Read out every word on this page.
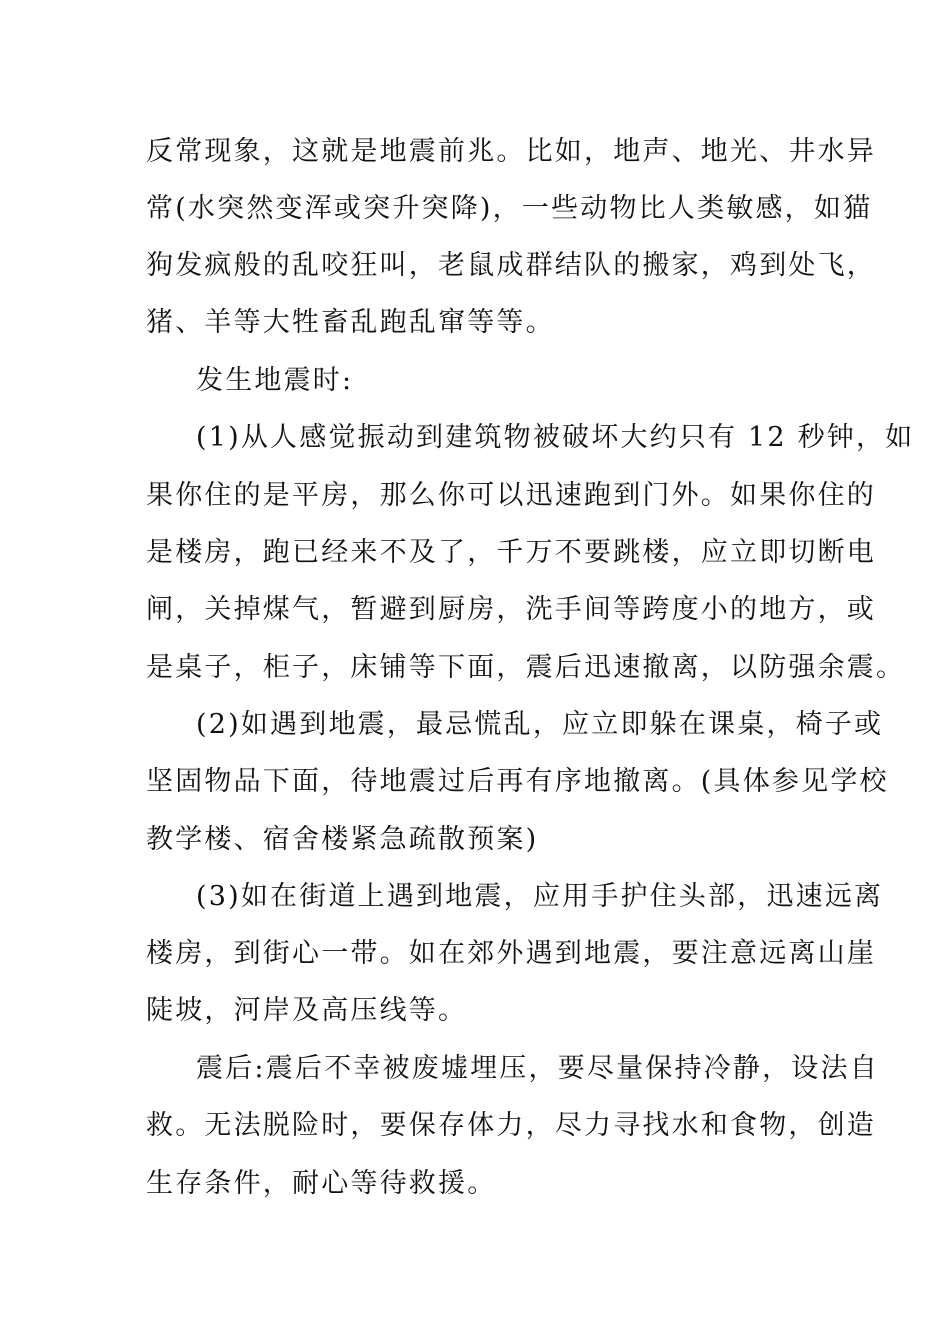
反常现象，这就是地震前兆。比如，地声、地光、井水异
常(水突然变浑或突升突降)，一些动物比人类敏感，如猫
狗发疯般的乱咬狂叫，老鼠成群结队的搬家，鸡到处飞，
猪、羊等大牲畜乱跑乱窜等等。
发生地震时:
(1)从人感觉振动到建筑物被破坏大约只有 12 秒钟，如
果你住的是平房，那么你可以迅速跑到门外。如果你住的
是楼房，跑已经来不及了，千万不要跳楼，应立即切断电
闸，关掉煤气，暂避到厨房，洗手间等跨度小的地方，或
是桌子，柜子，床铺等下面，震后迅速撤离，以防强余震。
(2)如遇到地震，最忌慌乱，应立即躲在课桌，椅子或
坚固物品下面，待地震过后再有序地撤离。(具体参见学校
教学楼、宿舍楼紧急疏散预案)
(3)如在街道上遇到地震，应用手护住头部，迅速远离
楼房，到街心一带。如在郊外遇到地震，要注意远离山崖
陡坡，河岸及高压线等。
震后:震后不幸被废墟埋压，要尽量保持冷静，设法自
救。无法脱险时，要保存体力，尽力寻找水和食物，创造
生存条件，耐心等待救援。
